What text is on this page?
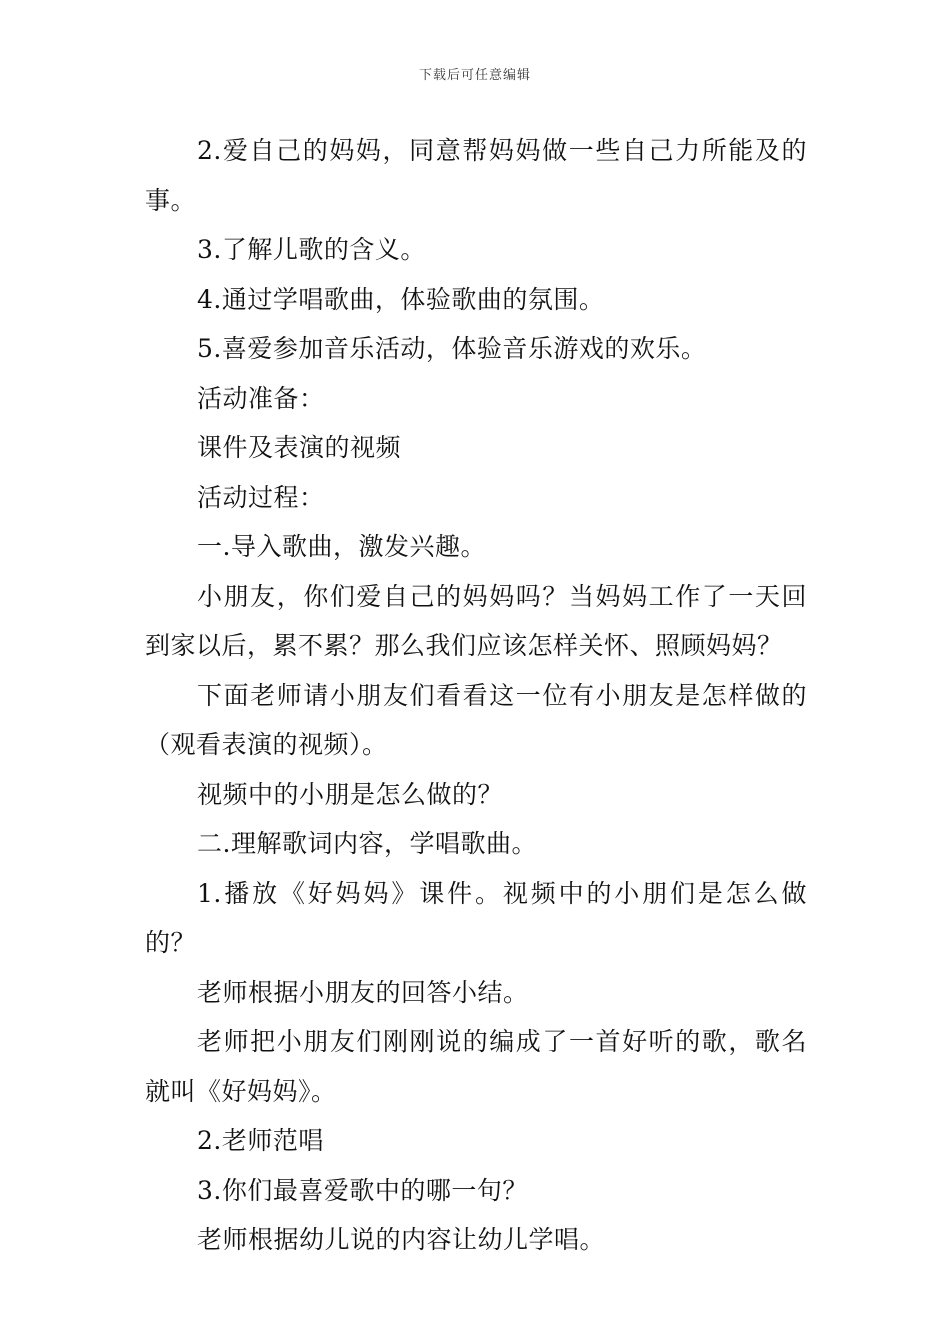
下载后可任意编辑

2.爱自己的妈妈，同意帮妈妈做一些自己力所能及的事。

3.了解儿歌的含义。

4.通过学唱歌曲，体验歌曲的氛围。

5.喜爱参加音乐活动，体验音乐游戏的欢乐。

活动准备：

课件及表演的视频

活动过程：

一.导入歌曲，激发兴趣。

小朋友，你们爱自己的妈妈吗？当妈妈工作了一天回到家以后，累不累？那么我们应该怎样关怀、照顾妈妈？

下面老师请小朋友们看看这一位有小朋友是怎样做的（观看表演的视频）。

视频中的小朋是怎么做的？

二.理解歌词内容，学唱歌曲。

1.播放《好妈妈》课件。视频中的小朋们是怎么做的？

老师根据小朋友的回答小结。

老师把小朋友们刚刚说的编成了一首好听的歌，歌名就叫《好妈妈》。

2.老师范唱

3.你们最喜爱歌中的哪一句？

老师根据幼儿说的内容让幼儿学唱。
